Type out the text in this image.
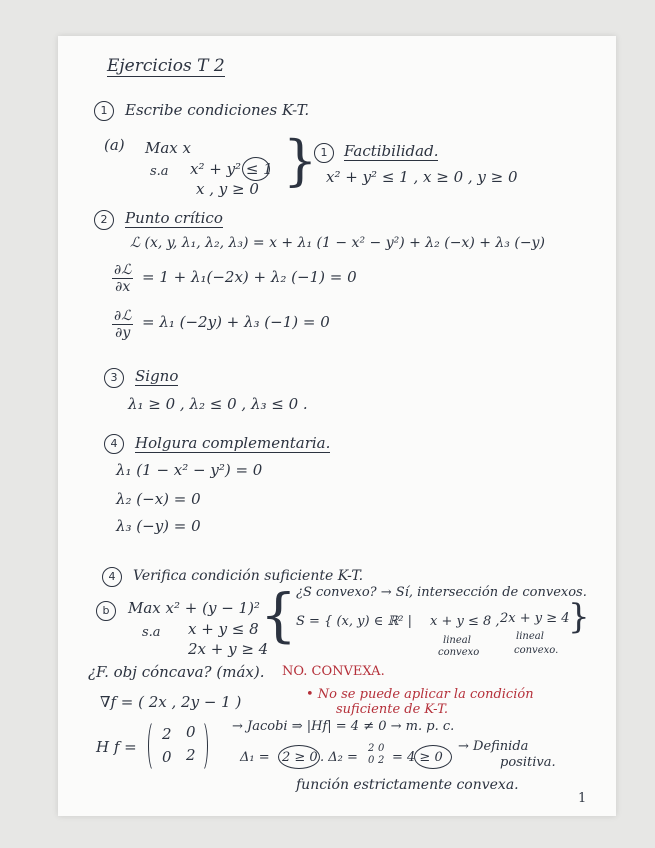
Ejercicios T 2
1	Escribe condiciones K-T.
(a) Max x
s.a x² + y² ≤ 1
x , y ≥ 0 } 1	Factibilidad.
x² + y² ≤ 1 , x ≥ 0 , y ≥ 0
2	Punto crítico
ℒ (x, y, λ₁, λ₂, λ₃) = x + λ₁ (1 − x² − y²) + λ₂ (−x) + λ₃ (−y)
∂ℒ
∂x
= 1 + λ₁(−2x) + λ₂ (−1) = 0
∂ℒ
∂y
= λ₁ (−2y) + λ₃ (−1) = 0
3	Signo
λ₁ ≥ 0 , λ₂ ≤ 0 , λ₃ ≤ 0 .
4	Holgura complementaria.
λ₁ (1 − x² − y²) = 0
λ₂ (−x) = 0
λ₃ (−y) = 0
4	Verifica condición suficiente K-T.
b	Max x² + (y − 1)²
s.a x + y ≤ 8
2x + y ≥ 4
{ ¿S convexo? → Sí, intersección de convexos.
S = { (x, y) ∈ ℝ² | x + y ≤ 8 , 2x + y ≥ 4
}
lineal
convexo
lineal
convexo.
¿F. obj cóncava? (máx). NO. CONVEXA.
• No se puede aplicar la condición
suficiente de K-T.
∇f = ( 2x , 2y − 1 )
H f =
2 0
0 2
→ Jacobi ⇒ |Hf| = 4 ≠ 0 → m. p. c.
Δ₁ = 2 ≥ 0 . Δ₂ =
2 0
0 2 = 4 ≥ 0
→ Definida
positiva.
función estrictamente convexa.
1
